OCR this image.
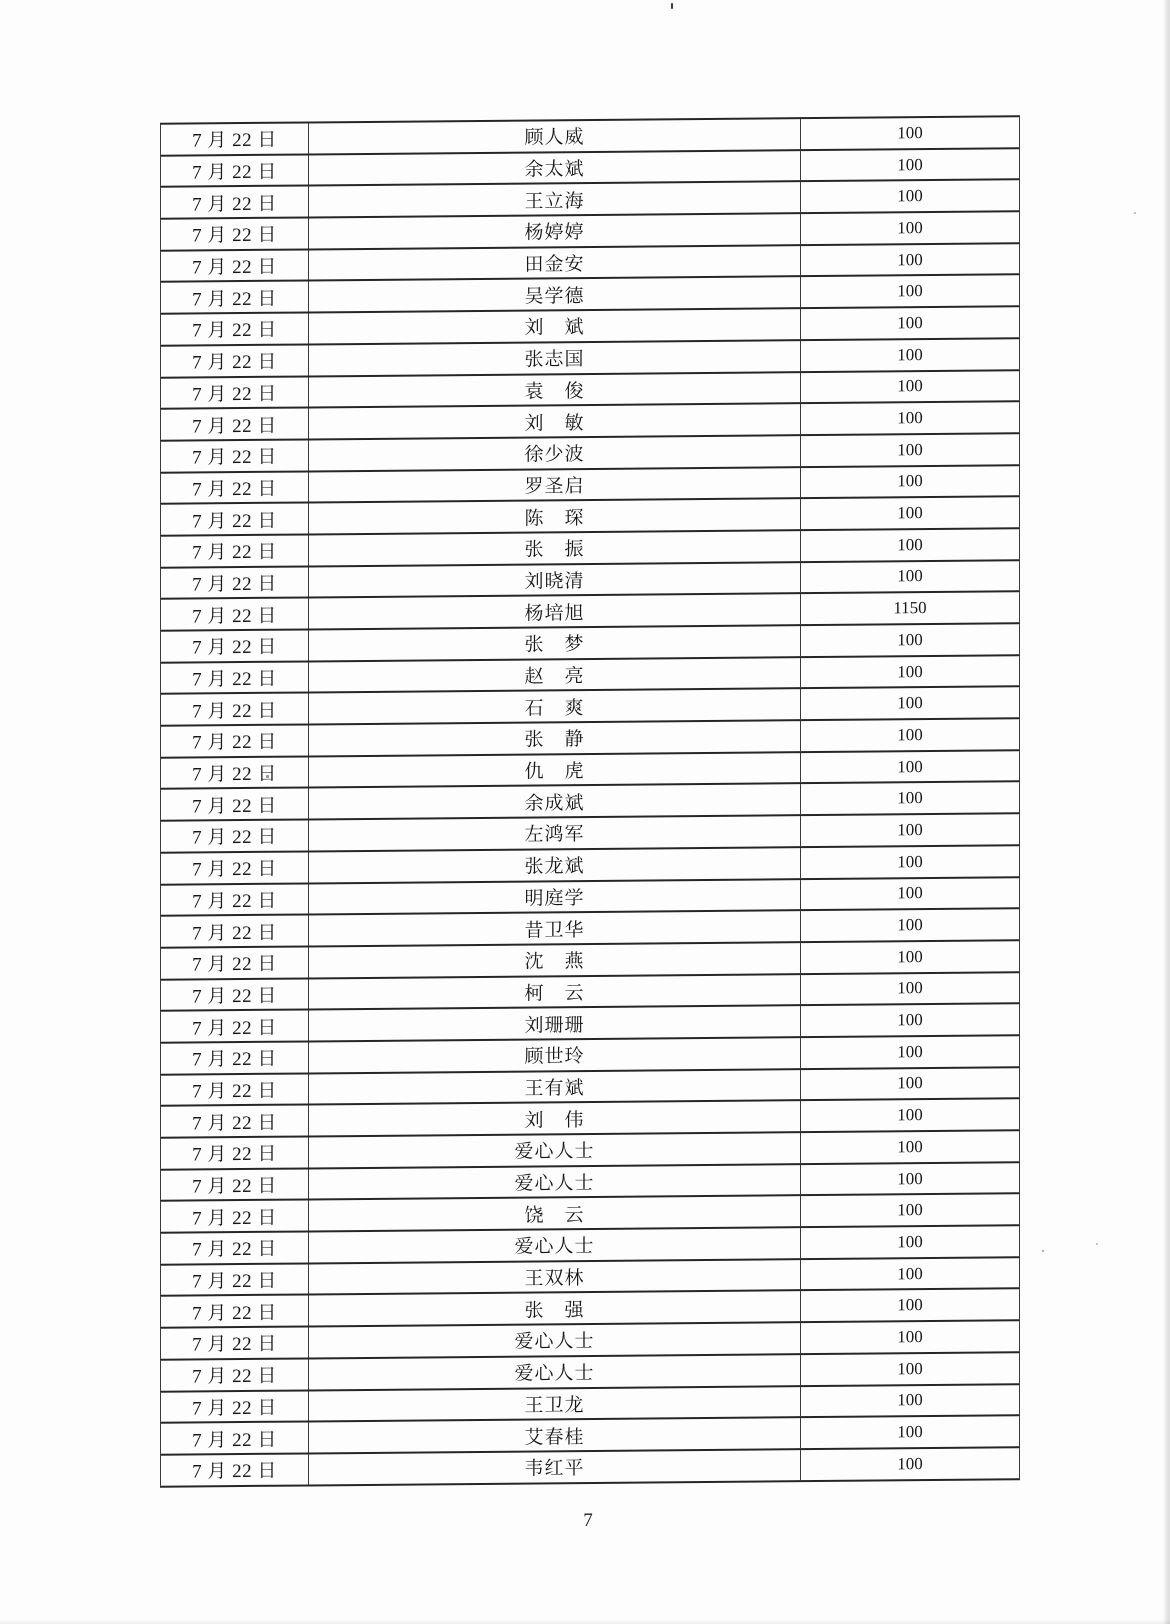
7 月 22 日	顾人威	100
7 月 22 日	余太斌	100
7 月 22 日	王立海	100
7 月 22 日	杨婷婷	100
7 月 22 日	田金安	100
7 月 22 日	吴学德	100
7 月 22 日	刘　斌	100
7 月 22 日	张志国	100
7 月 22 日	袁　俊	100
7 月 22 日	刘　敏	100
7 月 22 日	徐少波	100
7 月 22 日	罗圣启	100
7 月 22 日	陈　琛	100
7 月 22 日	张　振	100
7 月 22 日	刘晓清	100
7 月 22 日	杨培旭	1150
7 月 22 日	张　梦	100
7 月 22 日	赵　亮	100
7 月 22 日	石　爽	100
7 月 22 日	张　静	100
7 月 22 日	仇　虎	100
7 月 22 日	余成斌	100
7 月 22 日	左鸿军	100
7 月 22 日	张龙斌	100
7 月 22 日	明庭学	100
7 月 22 日	昔卫华	100
7 月 22 日	沈　燕	100
7 月 22 日	柯　云	100
7 月 22 日	刘珊珊	100
7 月 22 日	顾世玲	100
7 月 22 日	王有斌	100
7 月 22 日	刘　伟	100
7 月 22 日	爱心人士	100
7 月 22 日	爱心人士	100
7 月 22 日	饶　云	100
7 月 22 日	爱心人士	100
7 月 22 日	王双林	100
7 月 22 日	张　强	100
7 月 22 日	爱心人士	100
7 月 22 日	爱心人士	100
7 月 22 日	王卫龙	100
7 月 22 日	艾春桂	100
7 月 22 日	韦红平	100
7
